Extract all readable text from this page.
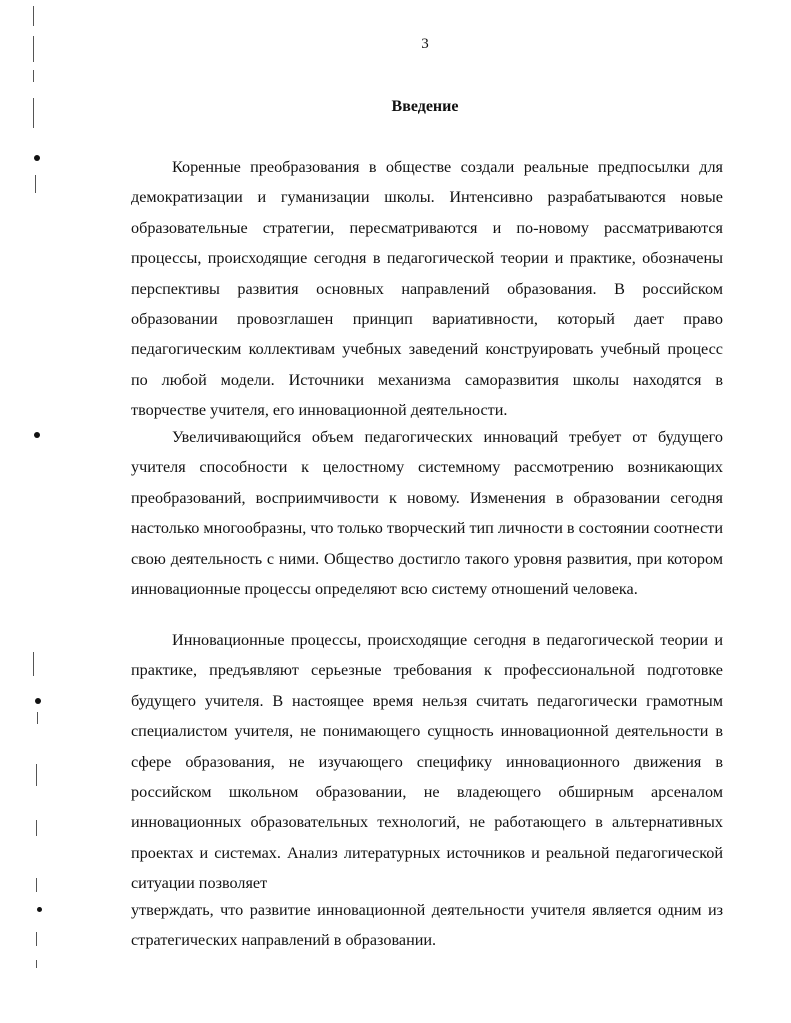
3
Введение

Коренные преобразования в обществе создали реальные предпосылки для демократизации и гуманизации школы. Интенсивно разрабатываются новые образовательные стратегии, пересматриваются и по-новому рассматриваются процессы, происходящие сегодня в педагогической теории и практике, обозначены перспективы развития основных направлений образования. В российском образовании провозглашен принцип вариативности, который дает право педагогическим коллективам учебных заведений конструировать учебный процесс по любой модели. Источники механизма саморазвития школы находятся в творчестве учителя, его инновационной деятельности.

Увеличивающийся объем педагогических инноваций требует от будущего учителя способности к целостному системному рассмотрению возникающих преобразований, восприимчивости к новому. Изменения в образовании сегодня настолько многообразны, что только творческий тип личности в состоянии соотнести свою деятельность с ними. Общество достигло такого уровня развития, при котором инновационные процессы определяют всю систему отношений человека.

Инновационные процессы, происходящие сегодня в педагогической теории и практике, предъявляют серьезные требования к профессиональной подготовке будущего учителя. В настоящее время нельзя считать педагогически грамотным специалистом учителя, не понимающего сущность инновационной деятельности в сфере образования, не изучающего специфику инновационного движения в российском школьном образовании, не владеющего обширным арсеналом инновационных образовательных технологий, не работающего в альтернативных проектах и системах. Анализ литературных источников и реальной педагогической ситуации позволяет

утверждать, что развитие инновационной деятельности учителя является одним из стратегических направлений в образовании.
